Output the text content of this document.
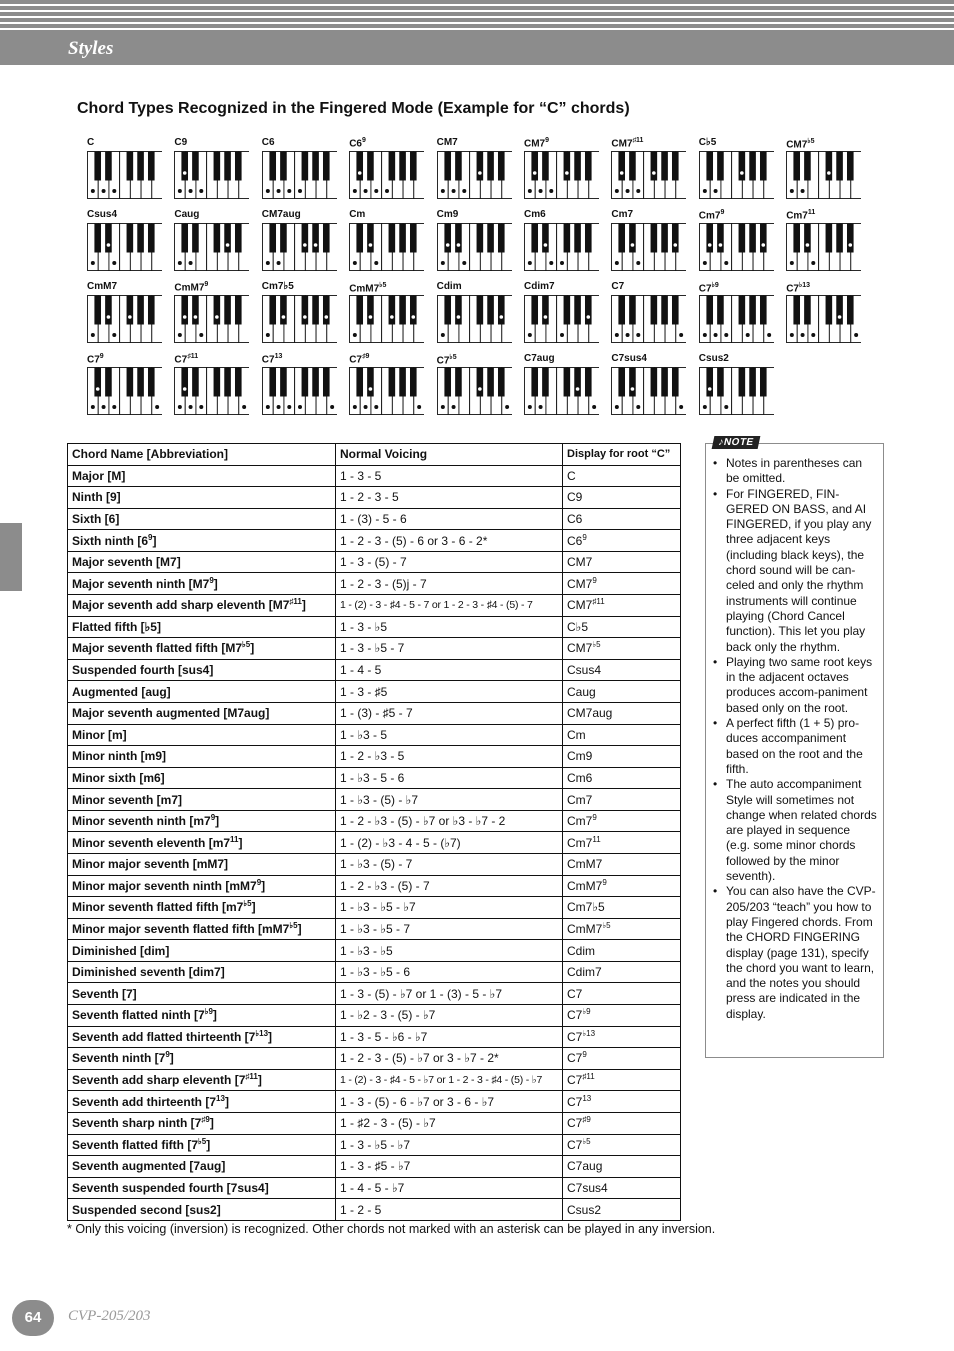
Styles
Chord Types Recognized in the Fingered Mode (Example for “C” chords)
C	C9	C6	$C6^9$	CM7	$CM7^9$	$CM7^{♯11}$	C♭5	$CM7^{♭5}$
Csus4	Caug	CM7aug	Cm	Cm9	Cm6	Cm7	$Cm7^9$	$Cm7^{11}$
CmM7	$CmM7^9$	Cm7♭5	$CmM7^{♭5}$	Cdim	Cdim7	C7	$C7^{♭9}$	$C7^{♭13}$
$C7^9$	$C7^{♯11}$	$C7^{13}$	$C7^{♯9}$	$C7^{♭5}$	C7aug	C7sus4	Csus2
Chord Name [Abbreviation]	Normal Voicing	Display for root “C”
Major [M]	1 - 3 - 5	C
Ninth [9]	1 - 2 - 3 - 5	C9
Sixth [6]	1 - (3) - 5 - 6	C6
Sixth ninth $[6^9]$	1 - 2 - 3 - (5) - 6 or 3 - 6 - 2*	$C6^9$
Major seventh [M7]	1 - 3 - (5) - 7	CM7
Major seventh ninth $[M7^9]$	1 - 2 - 3 - (5)j - 7	$CM7^9$
Major seventh add sharp eleventh $[M7^{♯11}]$	1 - (2) - 3 - ♯4 - 5 - 7 or 1 - 2 - 3 - ♯4 - (5) - 7	$CM7^{♯11}$
Flatted fifth [♭5]	1 - 3 - ♭5	C♭5
Major seventh flatted fifth $[M7^{♭5}]$	1 - 3 - ♭5 - 7	$CM7^{♭5}$
Suspended fourth [sus4]	1 - 4 - 5	Csus4
Augmented [aug]	1 - 3 - ♯5	Caug
Major seventh augmented [M7aug]	1 - (3) - ♯5 - 7	CM7aug
Minor [m]	1 - ♭3 - 5	Cm
Minor ninth [m9]	1 - 2 - ♭3 - 5	Cm9
Minor sixth [m6]	1 - ♭3 - 5 - 6	Cm6
Minor seventh [m7]	1 - ♭3 - (5) - ♭7	Cm7
Minor seventh ninth $[m7^9]$	1 - 2 - ♭3 - (5) - ♭7 or ♭3 - ♭7 - 2	$Cm7^9$
Minor seventh eleventh $[m7^{11}]$	1 - (2) - ♭3 - 4 - 5 - (♭7)	$Cm7^{11}$
Minor major seventh [mM7]	1 - ♭3 - (5) - 7	CmM7
Minor major seventh ninth $[mM7^9]$	1 - 2 - ♭3 - (5) - 7	$CmM7^9$
Minor seventh flatted fifth $[m7^{♭5}]$	1 - ♭3 - ♭5 - ♭7	Cm7♭5
Minor major seventh flatted fifth $[mM7^{♭5}]$	1 - ♭3 - ♭5 - 7	$CmM7^{♭5}$
Diminished [dim]	1 - ♭3 - ♭5	Cdim
Diminished seventh [dim7]	1 - ♭3 - ♭5 - 6	Cdim7
Seventh [7]	1 - 3 - (5) - ♭7 or 1 - (3) - 5 - ♭7	C7
Seventh flatted ninth $[7^{♭9}]$	1 - ♭2 - 3 - (5) - ♭7	$C7^{♭9}$
Seventh add flatted thirteenth $[7^{♭13}]$	1 - 3 - 5 - ♭6 - ♭7	$C7^{♭13}$
Seventh ninth $[7^9]$	1 - 2 - 3 - (5) - ♭7 or 3 - ♭7 - 2*	$C7^9$
Seventh add sharp eleventh $[7^{♯11}]$	1 - (2) - 3 - ♯4 - 5 - ♭7 or 1 - 2 - 3 - ♯4 - (5) - ♭7	$C7^{♯11}$
Seventh add thirteenth $[7^{13}]$	1 - 3 - (5) - 6 - ♭7 or 3 - 6 - ♭7	$C7^{13}$
Seventh sharp ninth $[7^{♯9}]$	1 - ♯2 - 3 - (5) - ♭7	$C7^{♯9}$
Seventh flatted fifth $[7^{♭5}]$	1 - 3 - ♭5 - ♭7	$C7^{♭5}$
Seventh augmented [7aug]	1 - 3 - ♯5 - ♭7	C7aug
Seventh suspended fourth [7sus4]	1 - 4 - 5 - ♭7	C7sus4
Suspended second [sus2]	1 - 2 - 5	Csus2
* Only this voicing (inversion) is recognized. Other chords not marked with an asterisk can be played in any inversion.
♪NOTE
• Notes in parentheses can be omitted.
• For FINGERED, FIN-GERED ON BASS, and AI FINGERED, if you play any three adjacent keys (including black keys), the chord sound will be can-celed and only the rhythm instruments will continue playing (Chord Cancel function). This let you play back only the rhythm.
• Playing two same root keys in the adjacent octaves produces accom-paniment based only on the root.
• A perfect fifth (1 + 5) pro-duces accompaniment based on the root and the fifth.
• The auto accompaniment Style will sometimes not change when related chords are played in sequence (e.g. some minor chords followed by the minor seventh).
• You can also have the CVP-205/203 “teach” you how to play Fingered chords. From the CHORD FINGERING display (page 131), specify the chord you want to learn, and the notes you should press are indicated in the display.
64	CVP-205/203
